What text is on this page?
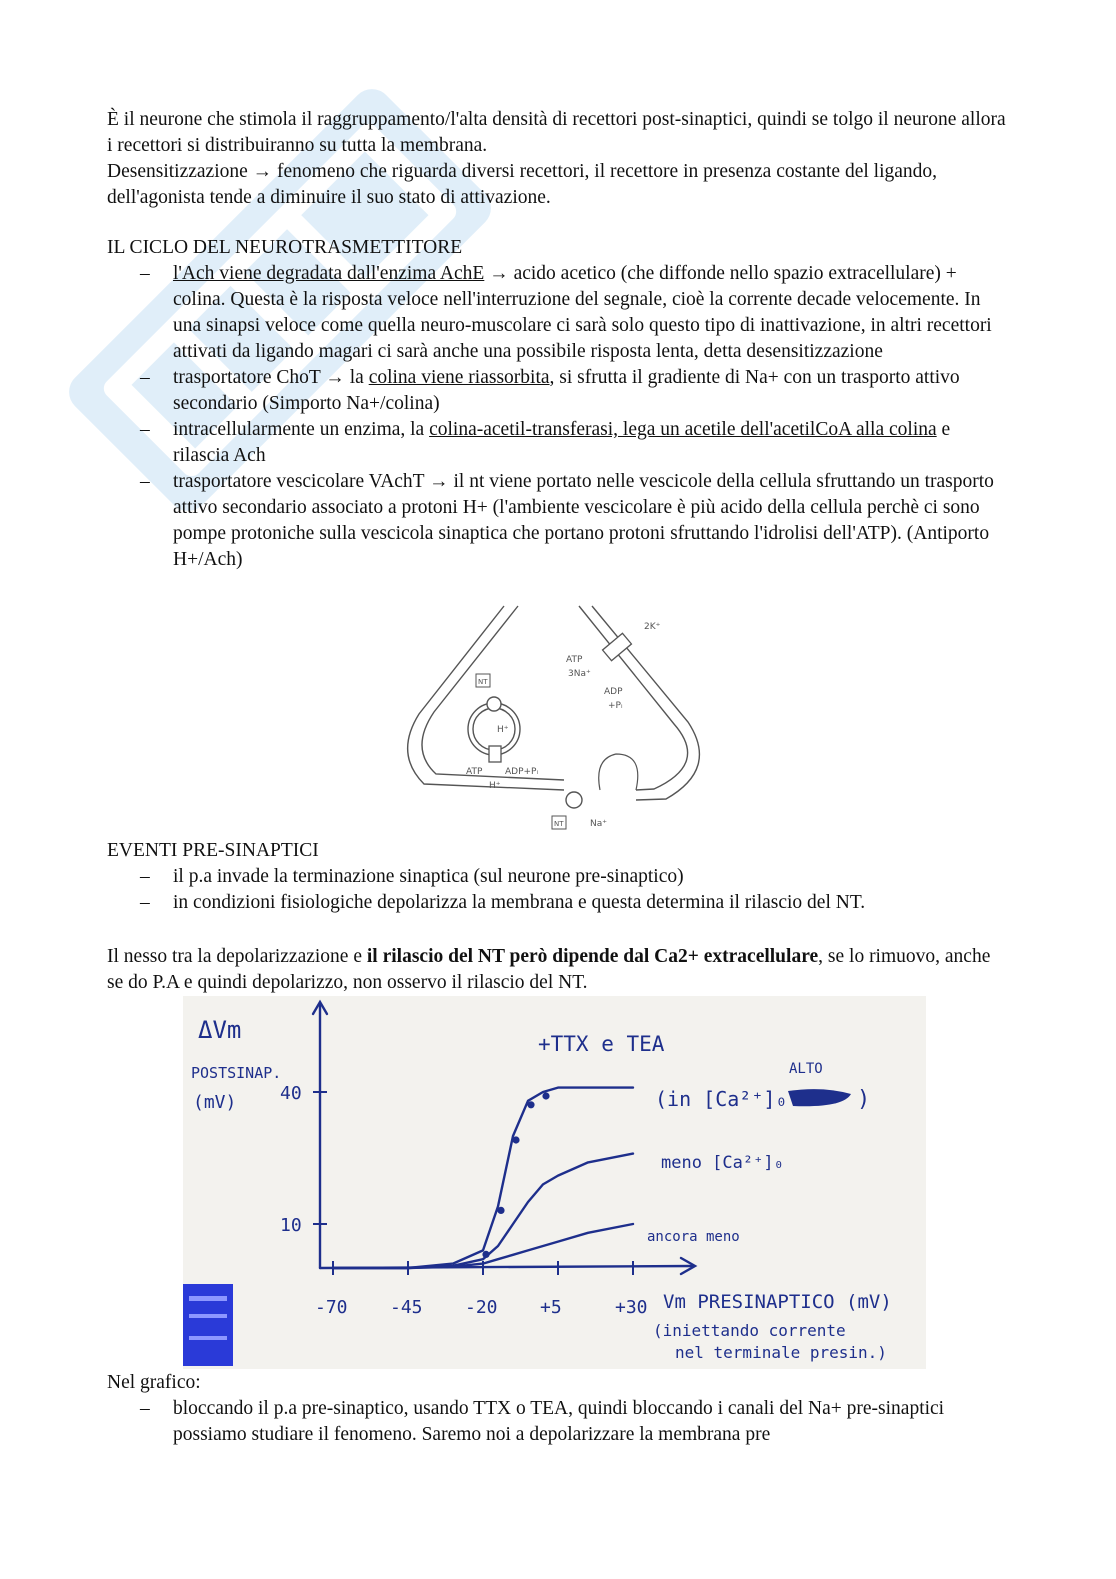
È il neurone che stimola il raggruppamento/l'alta densità di recettori post-sinaptici, quindi se tolgo il neurone allora i recettori si distribuiranno su tutta la membrana.

Desensitizzazione → fenomeno che riguarda diversi recettori, il recettore in presenza costante del ligando, dell'agonista tende a diminuire il suo stato di attivazione.

IL CICLO DEL NEUROTRASMETTITORE

– l'Ach viene degradata dall'enzima AchE → acido acetico (che diffonde nello spazio extracellulare) + colina. Questa è la risposta veloce nell'interruzione del segnale, cioè la corrente decade velocemente. In una sinapsi veloce come quella neuro-muscolare ci sarà solo questo tipo di inattivazione, in altri recettori attivati da ligando magari ci sarà anche una possibile risposta lenta, detta desensitizzazione
– trasportatore ChoT → la colina viene riassorbita, si sfrutta il gradiente di Na+ con un trasporto attivo secondario (Simporto Na+/colina)
– intracellularmente un enzima, la colina-acetil-transferasi, lega un acetile dell'acetilCoA alla colina e rilascia Ach
– trasportatore vescicolare VAchT → il nt viene portato nelle vescicole della cellula sfruttando un trasporto attivo secondario associato a protoni H+ (l'ambiente vescicolare è più acido della cellula perchè ci sono pompe protoniche sulla vescicola sinaptica che portano protoni sfruttando l'idrolisi dell'ATP). (Antiporto H+/Ach)
2K⁺
ATP
3Na⁺
ADP
+Pᵢ
NT
H⁺
ATP	ADP+Pᵢ
H⁺
NT	Na⁺

EVENTI PRE-SINAPTICI

– il p.a invade la terminazione sinaptica (sul neurone pre-sinaptico)
– in condizioni fisiologiche depolarizza la membrana e questa determina il rilascio del NT.

Il nesso tra la depolarizzazione e il rilascio del NT però dipende dal Ca2+ extracellulare, se lo rimuovo, anche se do P.A e quindi depolarizzo, non osservo il rilascio del NT.

ΔVm
POSTSINAP.
(mV)
+TTX e TEA
(in [Ca²⁺]₀
ALTO
)
meno [Ca²⁺]₀
ancora meno
Vm PRESINAPTICO (mV)
(iniettando corrente
nel terminale presin.)
-70 -45 -20 +5	+30
10
40

Nel grafico:

– bloccando il p.a pre-sinaptico, usando TTX o TEA, quindi bloccando i canali del Na+ pre-sinaptici possiamo studiare il fenomeno. Saremo noi a depolarizzare la membrana pre
